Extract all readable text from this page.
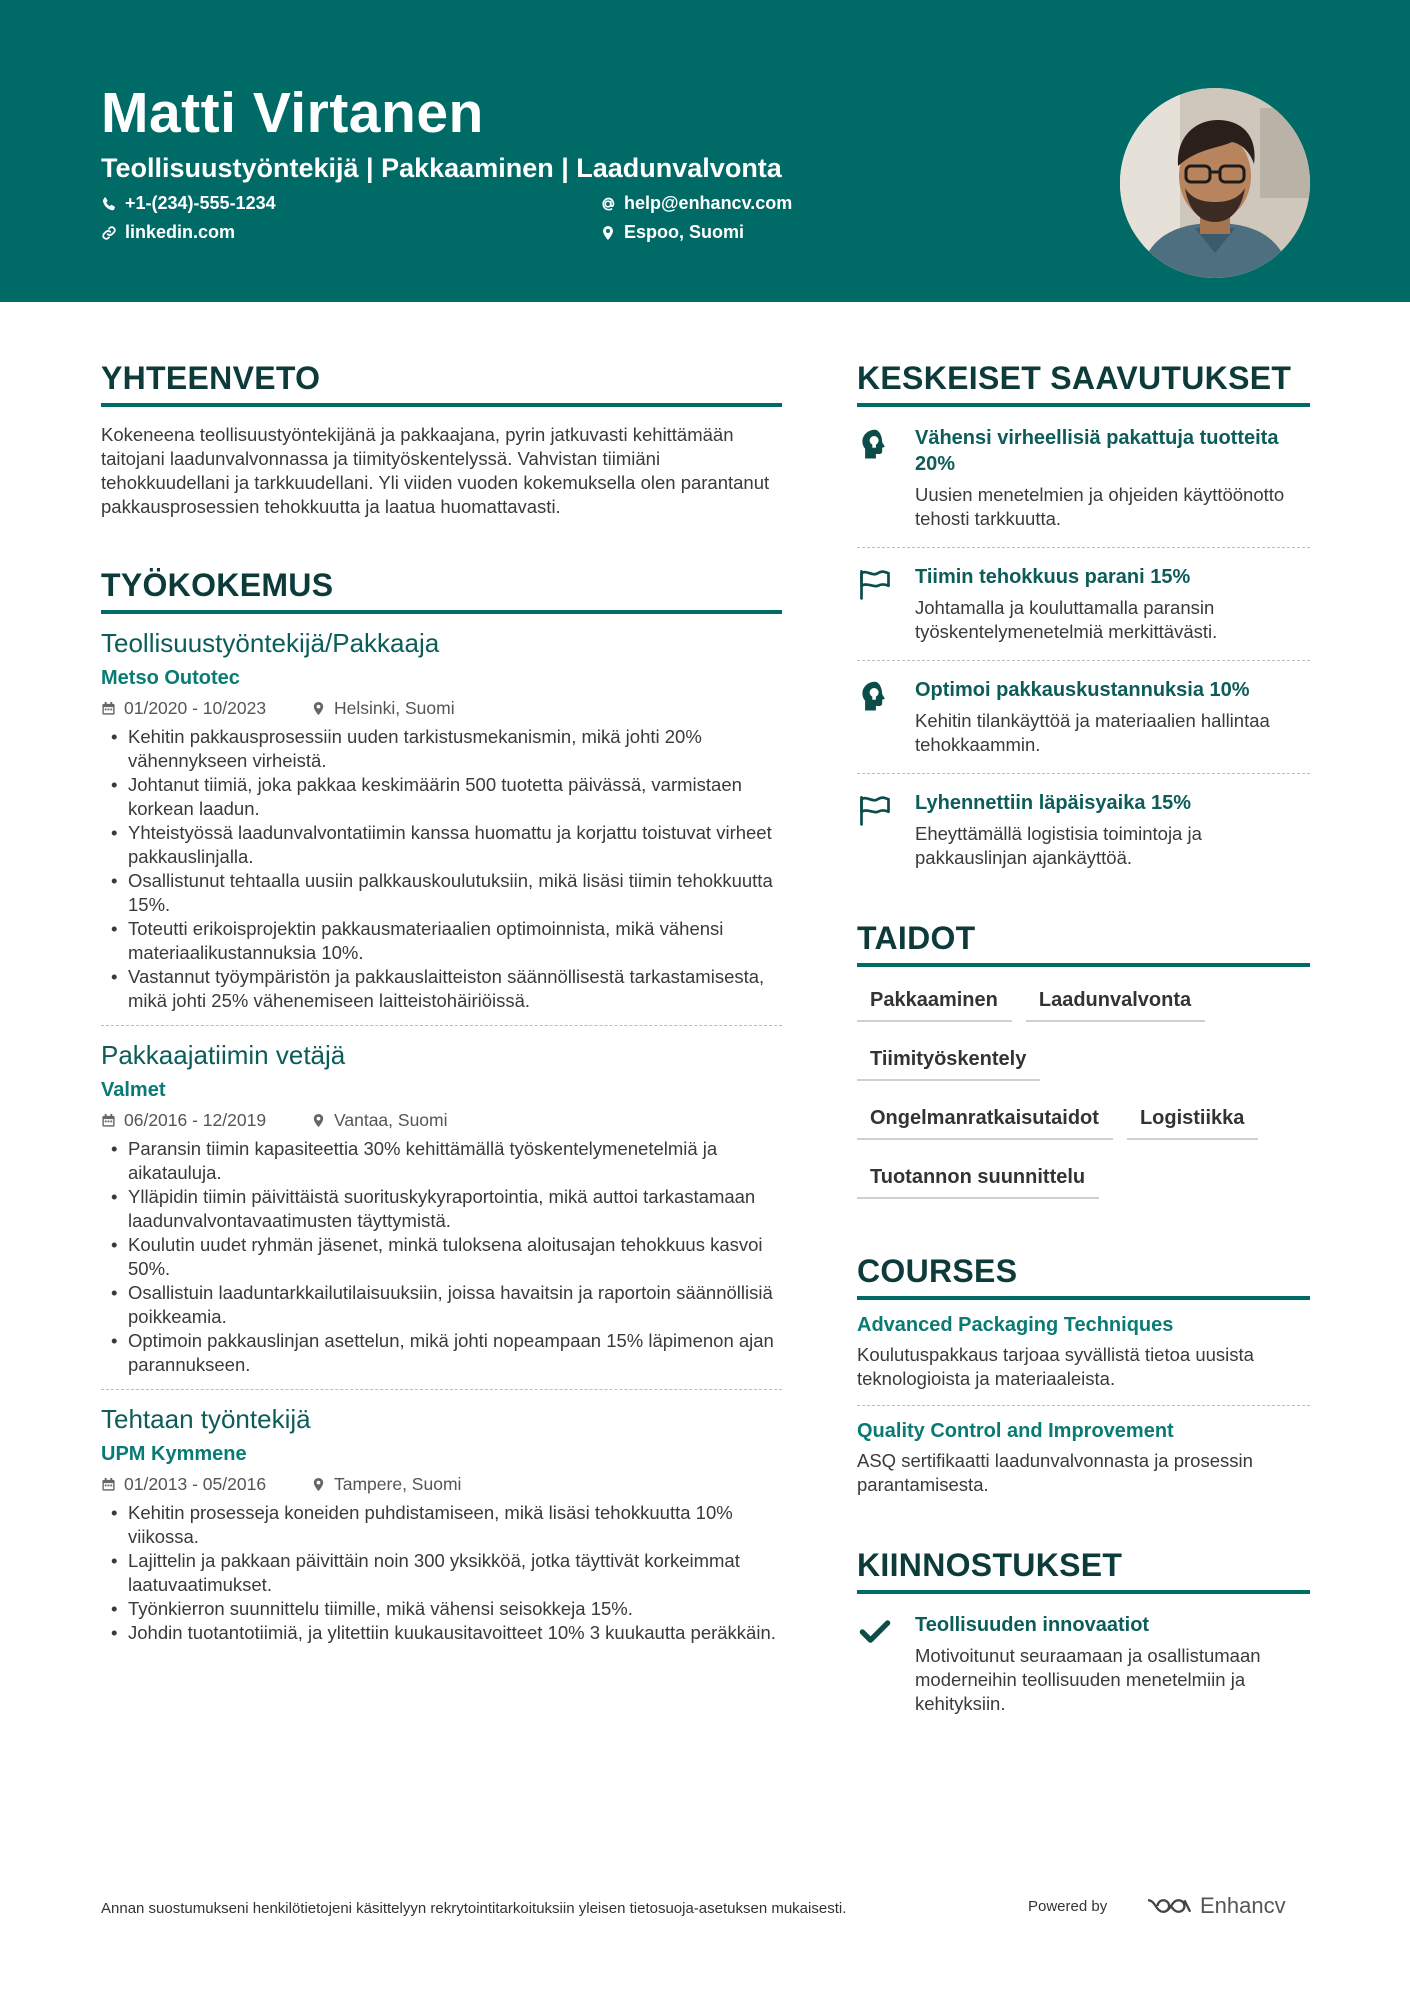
Matti Virtanen
Teollisuustyöntekijä | Pakkaaminen | Laadunvalvonta
+1-(234)-555-1234	help@enhancv.com
linkedin.com	Espoo, Suomi
YHTEENVETO

Kokeneena teollisuustyöntekijänä ja pakkaajana, pyrin jatkuvasti kehittämään taitojani laadunvalvonnassa ja tiimityöskentelyssä. Vahvistan tiimiäni tehokkuudellani ja tarkkuudellani. Yli viiden vuoden kokemuksella olen parantanut pakkausprosessien tehokkuutta ja laatua huomattavasti.

TYÖKOKEMUS
Teollisuustyöntekijä/Pakkaaja
Metso Outotec
01/2020 - 10/2023	Helsinki, Suomi
• Kehitin pakkausprosessiin uuden tarkistusmekanismin, mikä johti 20% vähennykseen virheistä.
• Johtanut tiimiä, joka pakkaa keskimäärin 500 tuotetta päivässä, varmistaen korkean laadun.
• Yhteistyössä laadunvalvontatiimin kanssa huomattu ja korjattu toistuvat virheet pakkauslinjalla.
• Osallistunut tehtaalla uusiin palkkauskoulutuksiin, mikä lisäsi tiimin tehokkuutta 15%.
• Toteutti erikoisprojektin pakkausmateriaalien optimoinnista, mikä vähensi materiaalikustannuksia 10%.
• Vastannut työympäristön ja pakkauslaitteiston säännöllisestä tarkastamisesta, mikä johti 25% vähenemiseen laitteistohäiriöissä.
Pakkaajatiimin vetäjä
Valmet
06/2016 - 12/2019	Vantaa, Suomi
• Paransin tiimin kapasiteettia 30% kehittämällä työskentelymenetelmiä ja aikatauluja.
• Ylläpidin tiimin päivittäistä suorituskykyraportointia, mikä auttoi tarkastamaan laadunvalvontavaatimusten täyttymistä.
• Koulutin uudet ryhmän jäsenet, minkä tuloksena aloitusajan tehokkuus kasvoi 50%.
• Osallistuin laaduntarkkailutilaisuuksiin, joissa havaitsin ja raportoin säännöllisiä poikkeamia.
• Optimoin pakkauslinjan asettelun, mikä johti nopeampaan 15% läpimenon ajan parannukseen.
Tehtaan työntekijä
UPM Kymmene
01/2013 - 05/2016	Tampere, Suomi
• Kehitin prosesseja koneiden puhdistamiseen, mikä lisäsi tehokkuutta 10% viikossa.
• Lajittelin ja pakkaan päivittäin noin 300 yksikköä, jotka täyttivät korkeimmat laatuvaatimukset.
• Työnkierron suunnittelu tiimille, mikä vähensi seisokkeja 15%.
• Johdin tuotantotiimiä, ja ylitettiin kuukausitavoitteet 10% 3 kuukautta peräkkäin.
KESKEISET SAAVUTUKSET
Vähensi virheellisiä pakattuja tuotteita 20%
Uusien menetelmien ja ohjeiden käyttöönotto tehosti tarkkuutta.
Tiimin tehokkuus parani 15%
Johtamalla ja kouluttamalla paransin työskentelymenetelmiä merkittävästi.
Optimoi pakkauskustannuksia 10%
Kehitin tilankäyttöä ja materiaalien hallintaa tehokkaammin.
Lyhennettiin läpäisyaika 15%
Eheyttämällä logistisia toimintoja ja pakkauslinjan ajankäyttöä.
TAIDOT
Pakkaaminen	Laadunvalvonta
Tiimityöskentely
Ongelmanratkaisutaidot	Logistiikka
Tuotannon suunnittelu
COURSES
Advanced Packaging Techniques
Koulutuspakkaus tarjoaa syvällistä tietoa uusista teknologioista ja materiaaleista.
Quality Control and Improvement
ASQ sertifikaatti laadunvalvonnasta ja prosessin parantamisesta.
KIINNOSTUKSET
Teollisuuden innovaatiot
Motivoitunut seuraamaan ja osallistumaan moderneihin teollisuuden menetelmiin ja kehityksiin.
Annan suostumukseni henkilötietojeni käsittelyyn rekrytointitarkoituksiin yleisen tietosuoja-asetuksen mukaisesti.	Powered by	Enhancv
